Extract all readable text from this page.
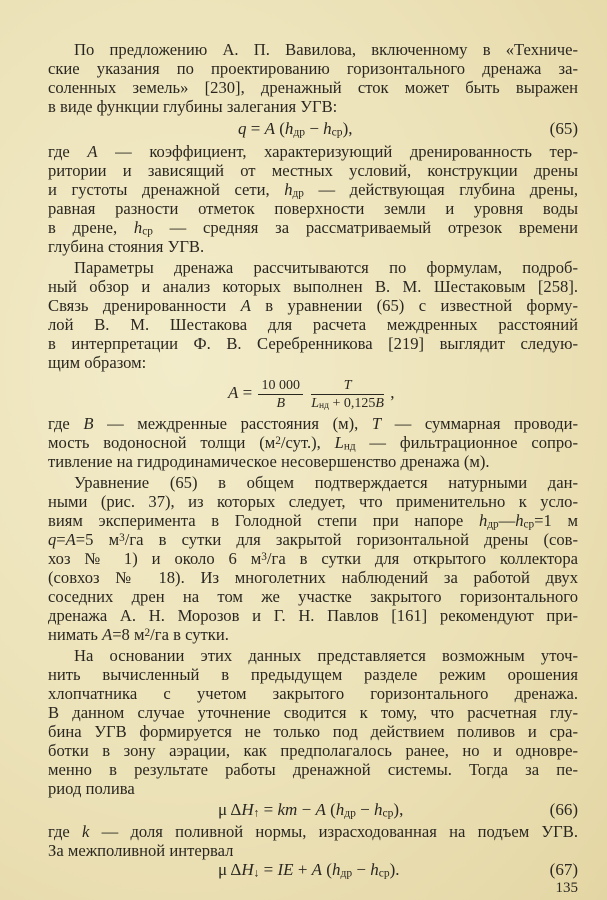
По предложению А. П. Вавилова, включенному в «Техниче-
ские указания по проектированию горизонтального дренажа за-
соленных земель» [230], дренажный сток может быть выражен
в виде функции глубины залегания УГВ:
q = A $(h_{др} - h_{ср})$,	(65)
где A — коэффициент, характеризующий дренированность тер-
ритории и зависящий от местных условий, конструкции дрены
и густоты дренажной сети, $h_{др}$ — действующая глубина дрены,
равная разности отметок поверхности земли и уровня воды
в дрене, $h_{ср}$ — средняя за рассматриваемый отрезок времени
глубина стояния УГВ.
Параметры дренажа рассчитываются по формулам, подроб-
ный обзор и анализ которых выполнен В. М. Шестаковым [258].
Связь дренированности A в уравнении (65) с известной форму-
лой В. М. Шестакова для расчета междренных расстояний
в интерпретации Ф. В. Серебренникова [219] выглядит следую-
щим образом:
$A = \frac{10 000}{B}$
$\frac{T}{L_{нд} + 0,125B}$ ,
где B — междренные расстояния (м), T — суммарная проводи-
мость водоносной толщи $(м^2/сут.)$, $L_{нд}$ — фильтрационное сопро-
тивление на гидродинамическое несовершенство дренажа (м).
Уравнение (65) в общем подтверждается натурными дан-
ными (рис. 37), из которых следует, что применительно к усло-
виям эксперимента в Голодной степи при напоре $h_{др}—h_{ср}=1$ м
q=A=5 $м^3/га$ в сутки для закрытой горизонтальной дрены (сов-
хоз № 1) и около 6 $м^3/га$ в сутки для открытого коллектора
(совхоз № 18). Из многолетних наблюдений за работой двух
соседних дрен на том же участке закрытого горизонтального
дренажа А. Н. Морозов и Г. Н. Павлов [161] рекомендуют при-
нимать A=8 $м^2/га$ в сутки.
На основании этих данных представляется возможным уточ-
нить вычисленный в предыдущем разделе режим орошения
хлопчатника с учетом закрытого горизонтального дренажа.
В данном случае уточнение сводится к тому, что расчетная глу-
бина УГВ формируется не только под действием поливов и сра-
ботки в зону аэрации, как предполагалось ранее, но и одновре-
менно в результате работы дренажной системы. Тогда за пе-
риод полива
μ $\Delta H_↑$ = km − A $(h_{др} - h_{ср})$,	(66)
где k — доля поливной нормы, израсходованная на подъем УГВ.
За межполивной интервал
μ $\Delta H_↓$ = IE + A $(h_{др} - h_{ср})$.	(67)
135
